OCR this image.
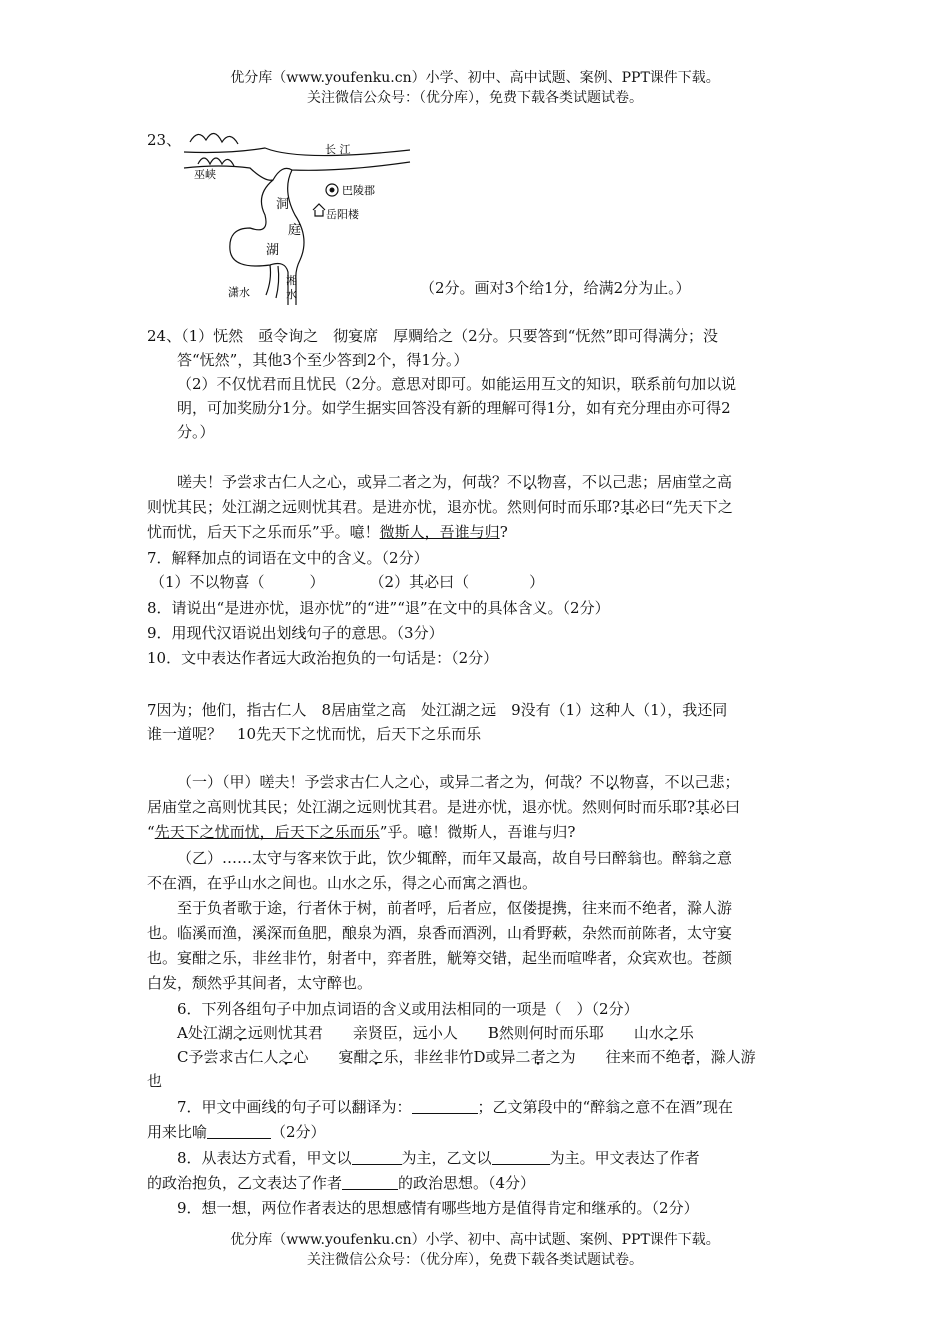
优分库（www.youfenku.cn）小学、初中、高中试题、案例、PPT课件下载。
关注微信公众号：（优分库），免费下载各类试题试卷。
23、
长 江
巫峡
巴陵郡
岳阳楼
洞
庭
湖
潇水
湘
水	（2分。画对3个给1分，给满2分为止。）
24、（1）怃然　亟令询之　彻宴席　厚赒给之（2分。只要答到“怃然”即可得满分；没
答“怃然”，其他3个至少答到2个，得1分。）
（2）不仅忧君而且忧民（2分。意思对即可。如能运用互文的知识，联系前句加以说
明，可加奖励分1分。如学生据实回答没有新的理解可得1分，如有充分理由亦可得2
分。）
嗟夫！予尝求古仁人之心，或异二者之为，何哉？不以物喜，不以己悲；居庙堂之高
则忧其民；处江湖之远则忧其君。是进亦忧，退亦忧。然则何时而乐耶?其必曰“先天下之
忧而忧，后天下之乐而乐”乎。噫！微斯人，吾谁与归?
7．解释加点的词语在文中的含义。（2分）
（1）不以物喜（　　　）　　　　（2）其必曰（　　　　）
8．请说出“是进亦忧，退亦忧”的“进”“退”在文中的具体含义。（2分）
9．用现代汉语说出划线句子的意思。（3分）
10．文中表达作者远大政治抱负的一句话是：（2分）
7因为；他们，指古仁人　8居庙堂之高　处江湖之远　9没有（1）这种人（1），我还同
谁一道呢？　10先天下之忧而忧，后天下之乐而乐
（一）（甲）嗟夫！予尝求古仁人之心，或异二者之为，何哉？不以物喜，不以己悲；
居庙堂之高则忧其民；处江湖之远则忧其君。是进亦忧，退亦忧。然则何时而乐耶?其必曰
“先天下之忧而忧，后天下之乐而乐”乎。噫！微斯人，吾谁与归?
（乙）……太守与客来饮于此，饮少辄醉，而年又最高，故自号曰醉翁也。醉翁之意
不在酒，在乎山水之间也。山水之乐，得之心而寓之酒也。
至于负者歌于途，行者休于树，前者呼，后者应，伛偻提携，往来而不绝者，滁人游
也。临溪而渔，溪深而鱼肥，酿泉为酒，泉香而酒洌，山肴野蔌，杂然而前陈者，太守宴
也。宴酣之乐，非丝非竹，射者中，弈者胜，觥筹交错，起坐而喧哗者，众宾欢也。苍颜
白发，颓然乎其间者，太守醉也。
6．下列各组句子中加点词语的含义或用法相同的一项是（　）（2分）
A处江湖之远则忧其君　　亲贤臣，远小人　　B然则何时而乐耶　　山水之乐
C予尝求古仁人之心　　宴酣之乐，非丝非竹D或异二者之为　　往来而不绝者，滁人游
也
7．甲文中画线的句子可以翻译为：	；乙文第段中的“醉翁之意不在酒”现在
用来比喻	（2分）
8．从表达方式看，甲文以	为主，乙文以	为主。甲文表达了作者
的政治抱负，乙文表达了作者	的政治思想。（4分）
9．想一想，两位作者表达的思想感情有哪些地方是值得肯定和继承的。（2分）
优分库（www.youfenku.cn）小学、初中、高中试题、案例、PPT课件下载。
关注微信公众号：（优分库），免费下载各类试题试卷。
